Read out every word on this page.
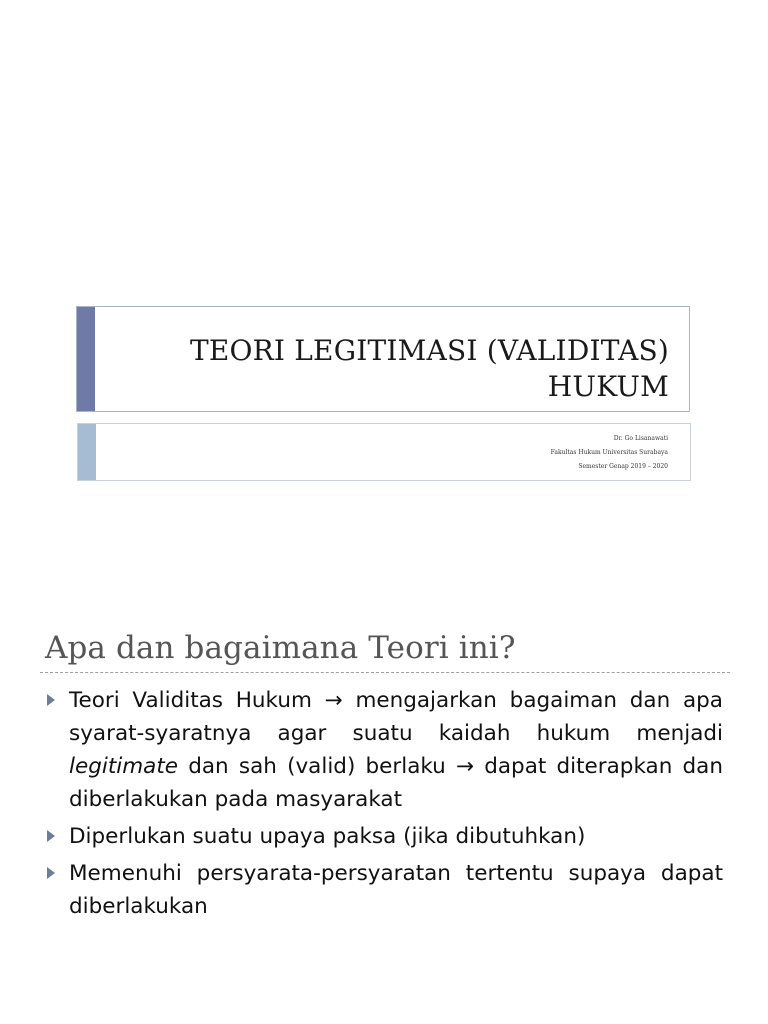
TEORI LEGITIMASI (VALIDITAS)
HUKUM
Dr. Go Lisanawati
Fakultas Hukum Universitas Surabaya
Semester Genap 2019 – 2020
Apa dan bagaimana Teori ini?
Teori Validitas Hukum → mengajarkan bagaiman dan apa syarat-syaratnya agar suatu kaidah hukum menjadi legitimate dan sah (valid) berlaku → dapat diterapkan dan diberlakukan pada masyarakat
Diperlukan suatu upaya paksa (jika dibutuhkan)
Memenuhi persyarata-persyaratan tertentu supaya dapat diberlakukan
